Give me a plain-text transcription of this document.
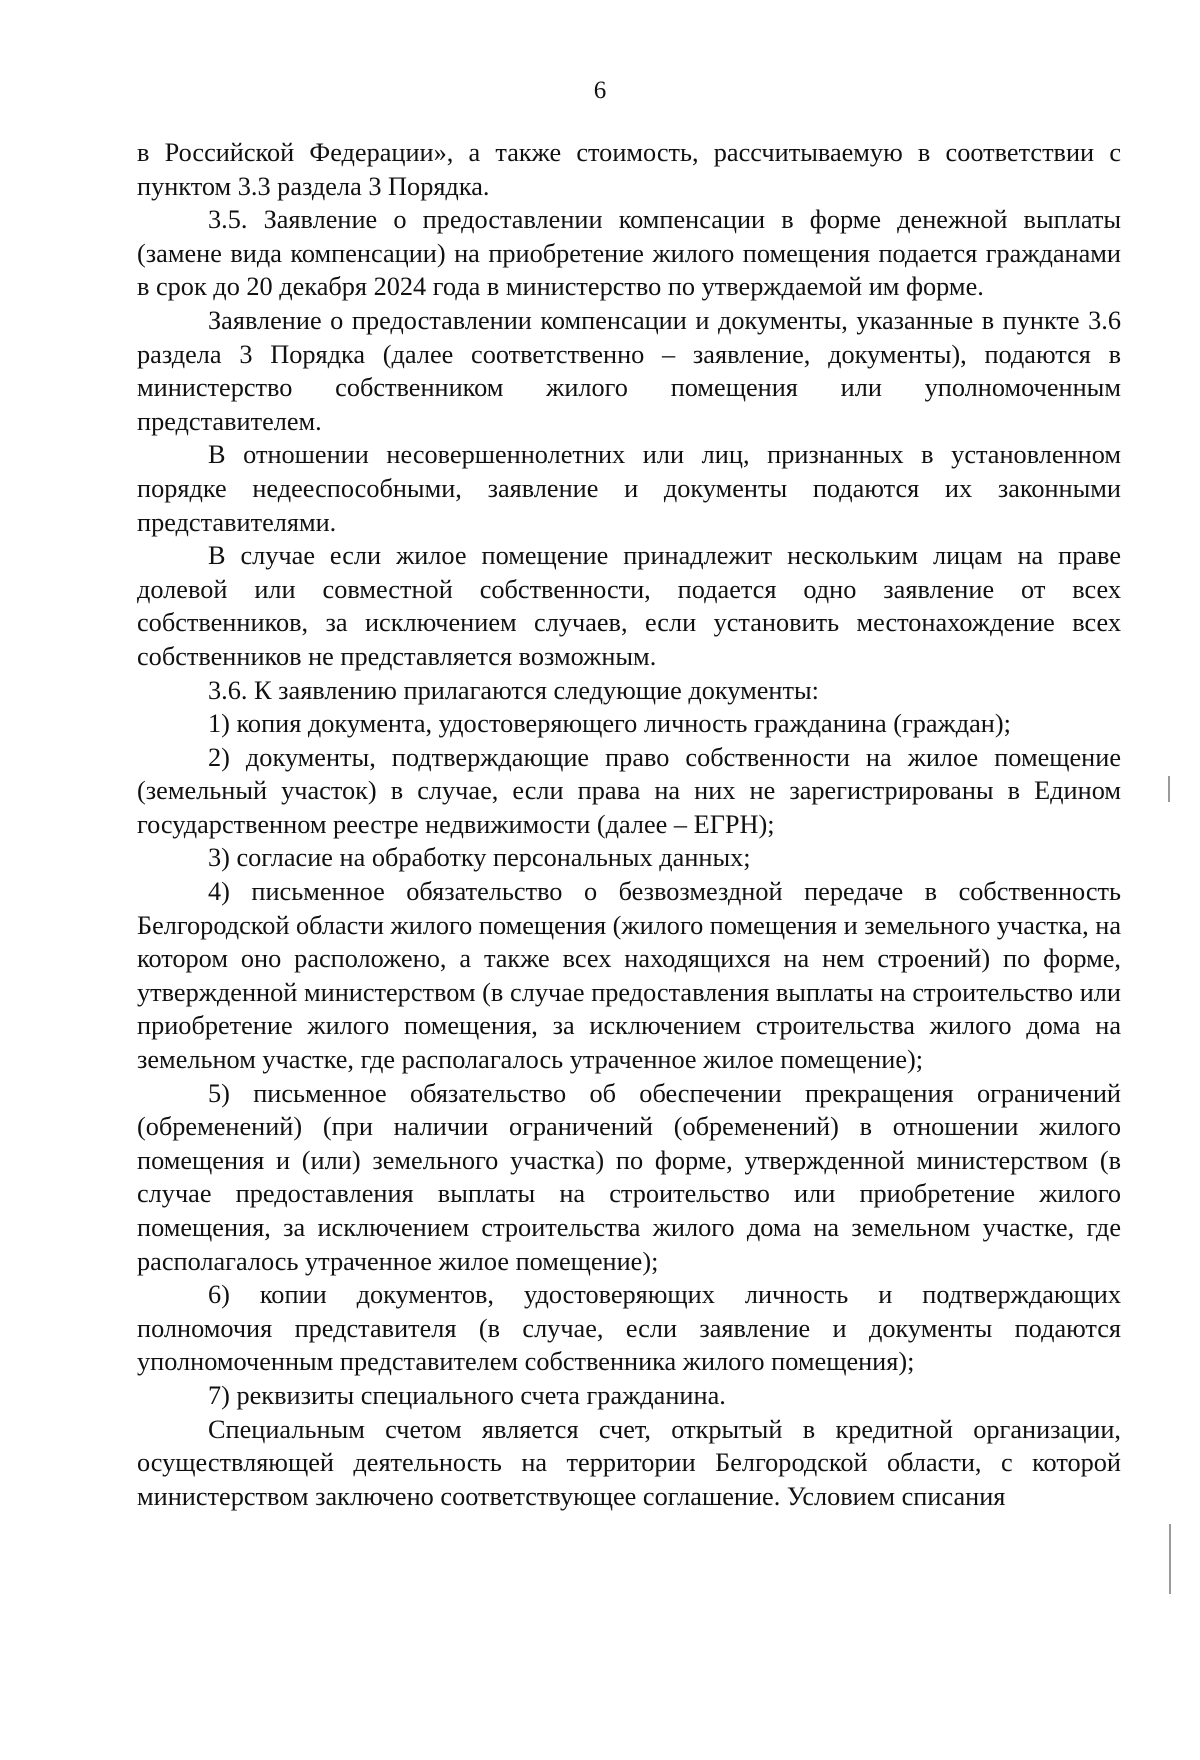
6

в Российской Федерации», а также стоимость, рассчитываемую в соответствии с пунктом 3.3 раздела 3 Порядка.

3.5. Заявление о предоставлении компенсации в форме денежной выплаты (замене вида компенсации) на приобретение жилого помещения подается гражданами в срок до 20 декабря 2024 года в министерство по утверждаемой им форме.

Заявление о предоставлении компенсации и документы, указанные в пункте 3.6 раздела 3 Порядка (далее соответственно – заявление, документы), подаются в министерство собственником жилого помещения или уполномоченным представителем.

В отношении несовершеннолетних или лиц, признанных в установленном порядке недееспособными, заявление и документы подаются их законными представителями.

В случае если жилое помещение принадлежит нескольким лицам на праве долевой или совместной собственности, подается одно заявление от всех собственников, за исключением случаев, если установить местонахождение всех собственников не представляется возможным.

3.6. К заявлению прилагаются следующие документы:

1) копия документа, удостоверяющего личность гражданина (граждан);

2) документы, подтверждающие право собственности на жилое помещение (земельный участок) в случае, если права на них не зарегистрированы в Едином государственном реестре недвижимости (далее – ЕГРН);

3) согласие на обработку персональных данных;

4) письменное обязательство о безвозмездной передаче в собственность Белгородской области жилого помещения (жилого помещения и земельного участка, на котором оно расположено, а также всех находящихся на нем строений) по форме, утвержденной министерством (в случае предоставления выплаты на строительство или приобретение жилого помещения, за исключением строительства жилого дома на земельном участке, где располагалось утраченное жилое помещение);

5) письменное обязательство об обеспечении прекращения ограничений (обременений) (при наличии ограничений (обременений) в отношении жилого помещения и (или) земельного участка) по форме, утвержденной министерством (в случае предоставления выплаты на строительство или приобретение жилого помещения, за исключением строительства жилого дома на земельном участке, где располагалось утраченное жилое помещение);

6) копии документов, удостоверяющих личность и подтверждающих полномочия представителя (в случае, если заявление и документы подаются уполномоченным представителем собственника жилого помещения);

7) реквизиты специального счета гражданина.

Специальным счетом является счет, открытый в кредитной организации, осуществляющей деятельность на территории Белгородской области, с которой министерством заключено соответствующее соглашение. Условием списания
